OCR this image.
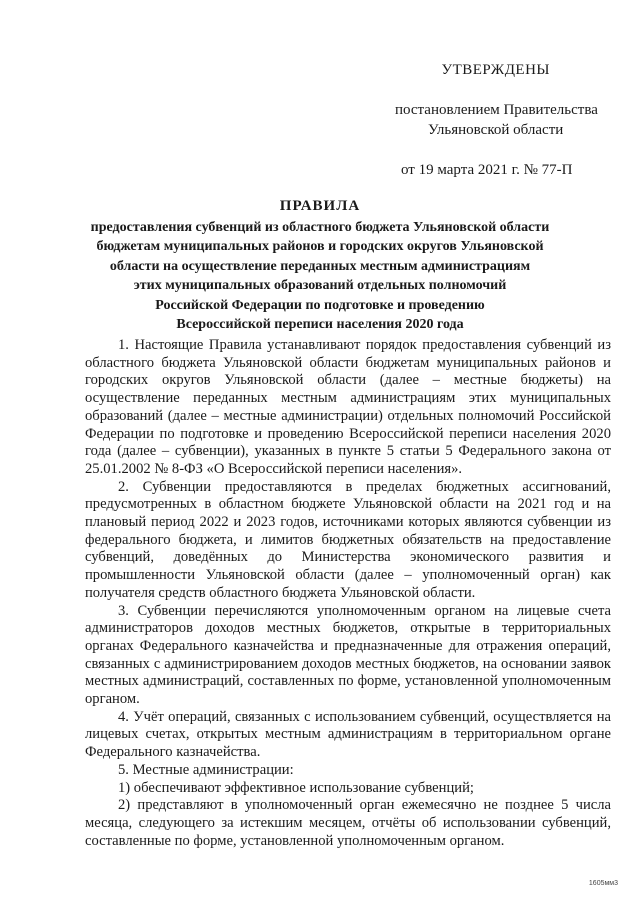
УТВЕРЖДЕНЫ
постановлением Правительства
Ульяновской области
от 19 марта 2021 г. № 77-П
ПРАВИЛА
предоставления субвенций из областного бюджета Ульяновской области
бюджетам муниципальных районов и городских округов Ульяновской
области на осуществление переданных местным администрациям
этих муниципальных образований отдельных полномочий
Российской Федерации по подготовке и проведению
Всероссийской переписи населения 2020 года

1. Настоящие Правила устанавливают порядок предоставления субвенций из областного бюджета Ульяновской области бюджетам муниципальных районов и городских округов Ульяновской области (далее – местные бюджеты) на осуществление переданных местным администрациям этих муниципальных образований (далее – местные администрации) отдельных полномочий Российской Федерации по подготовке и проведению Всероссийской переписи населения 2020 года (далее – субвенции), указанных в пункте 5 статьи 5 Федерального закона от 25.01.2002 № 8-ФЗ «О Всероссийской переписи населения».

2. Субвенции предоставляются в пределах бюджетных ассигнований, предусмотренных в областном бюджете Ульяновской области на 2021 год и на плановый период 2022 и 2023 годов, источниками которых являются субвенции из федерального бюджета, и лимитов бюджетных обязательств на предоставление субвенций, доведённых до Министерства экономического развития и промышленности Ульяновской области (далее – уполномоченный орган) как получателя средств областного бюджета Ульяновской области.

3. Субвенции перечисляются уполномоченным органом на лицевые счета администраторов доходов местных бюджетов, открытые в территориальных органах Федерального казначейства и предназначенные для отражения операций, связанных с администрированием доходов местных бюджетов, на основании заявок местных администраций, составленных по форме, установленной уполномоченным органом.

4. Учёт операций, связанных с использованием субвенций, осуществляется на лицевых счетах, открытых местным администрациям в территориальном органе Федерального казначейства.

5. Местные администрации:

1) обеспечивают эффективное использование субвенций;

2) представляют в уполномоченный орган ежемесячно не позднее 5 числа месяца, следующего за истекшим месяцем, отчёты об использовании субвенций, составленные по форме, установленной уполномоченным органом.

1605мм3
